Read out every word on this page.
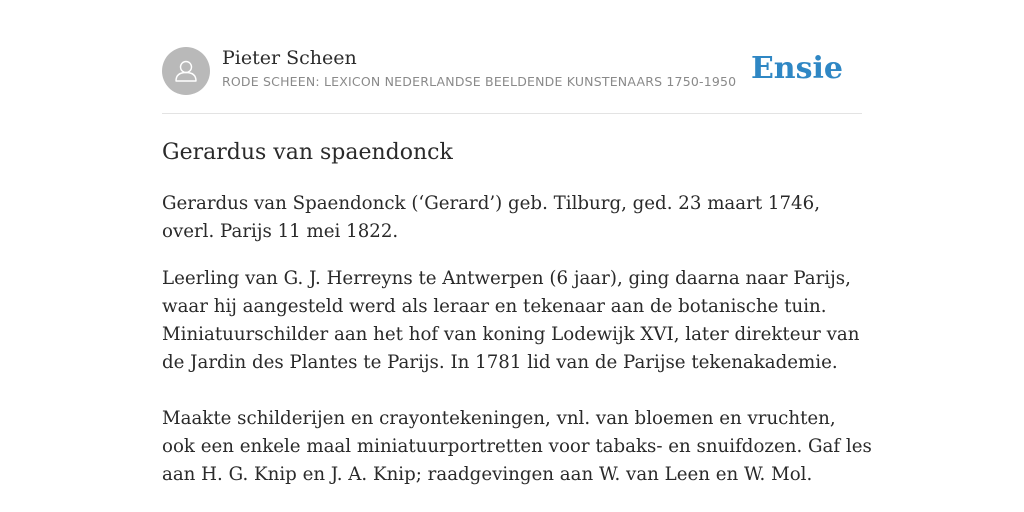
Pieter Scheen
RODE SCHEEN: LEXICON NEDERLANDSE BEELDENDE KUNSTENAARS 1750-1950 Ensie
Gerardus van spaendonck

Gerardus van Spaendonck (‘Gerard’) geb. Tilburg, ged. 23 maart 1746, overl. Parijs 11 mei 1822.

Leerling van G. J. Herreyns te Antwerpen (6 jaar), ging daarna naar Parijs, waar hij aangesteld werd als leraar en tekenaar aan de botanische tuin. Miniatuurschilder aan het hof van koning Lodewijk XVI, later direkteur van de Jardin des Plantes te Parijs. In 1781 lid van de Parijse tekenakademie.

Maakte schilderijen en crayontekeningen, vnl. van bloemen en vruchten, ook een enkele maal miniatuurportretten voor tabaks- en snuifdozen. Gaf les aan H. G. Knip en J. A. Knip; raadgevingen aan W. van Leen en W. Mol.
